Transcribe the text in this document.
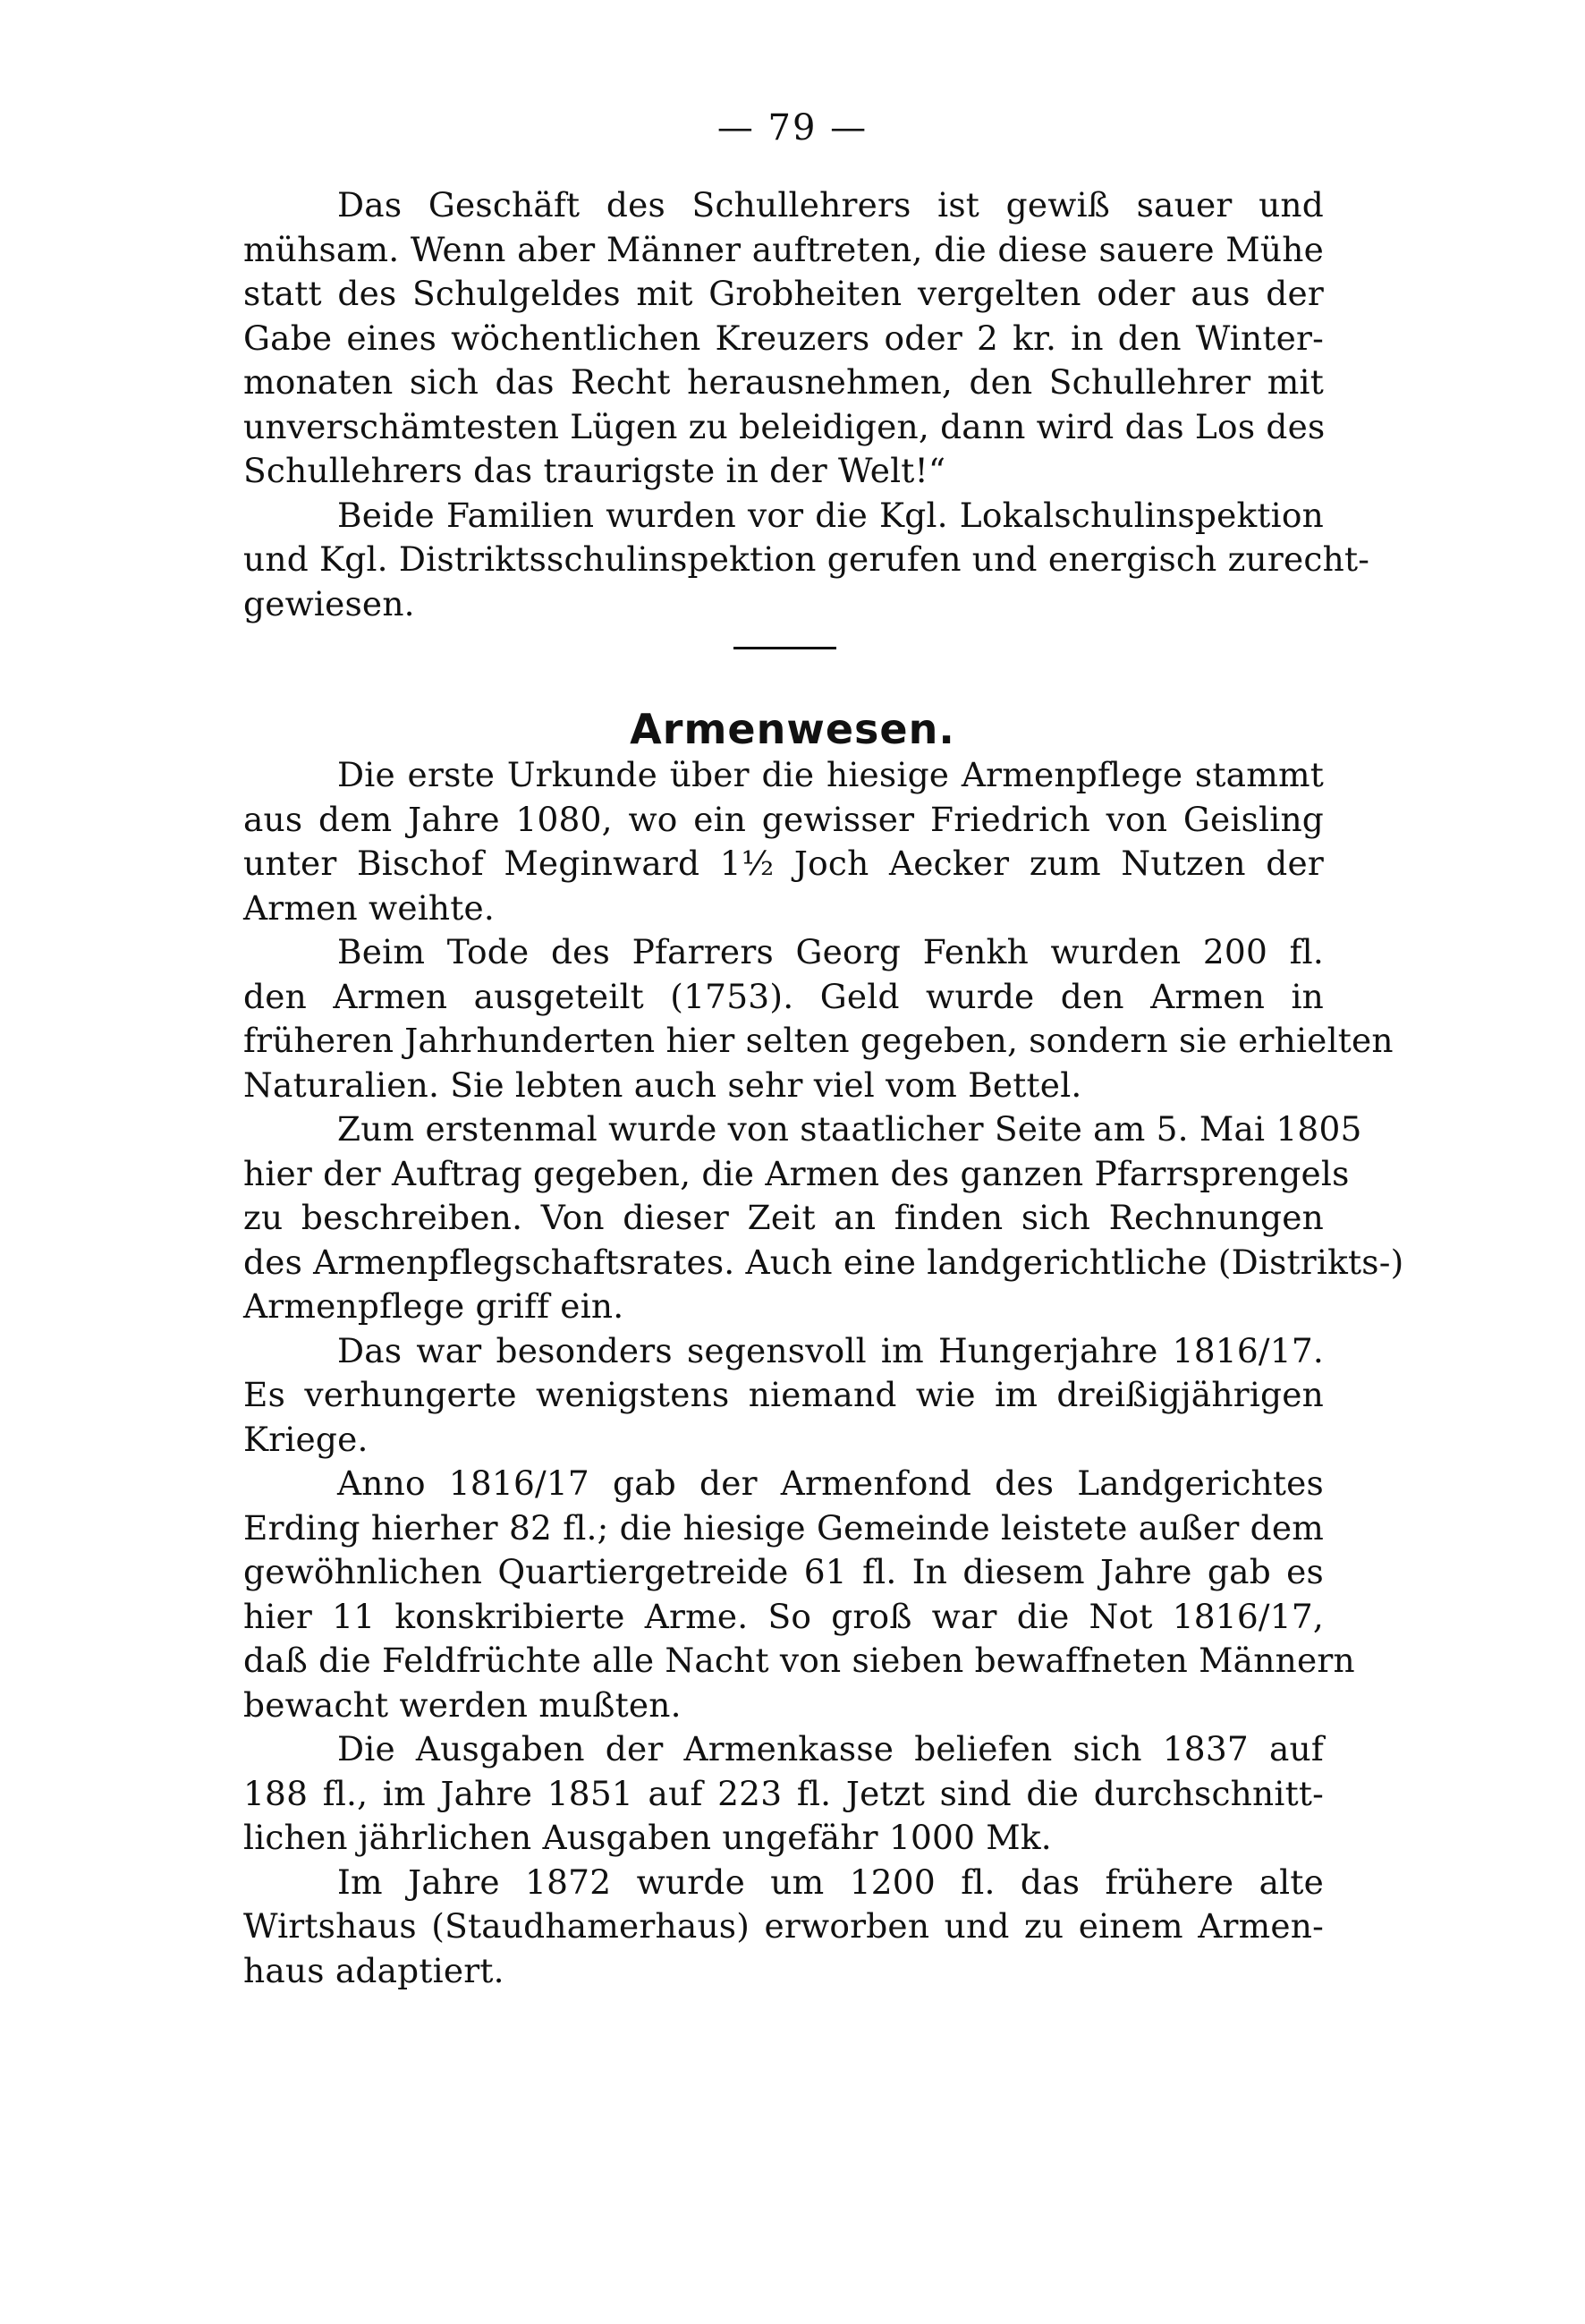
— 79 —

Das Geschäft des Schullehrers ist gewiß sauer und
mühsam. Wenn aber Männer auftreten, die diese sauere Mühe
statt des Schulgeldes mit Grobheiten vergelten oder aus der
Gabe eines wöchentlichen Kreuzers oder 2 kr. in den Winter-
monaten sich das Recht herausnehmen, den Schullehrer mit
unverschämtesten Lügen zu beleidigen, dann wird das Los des
Schullehrers das traurigste in der Welt!“

Beide Familien wurden vor die Kgl. Lokalschulinspektion
und Kgl. Distriktsschulinspektion gerufen und energisch zurecht-
gewiesen.

Armenwesen.

Die erste Urkunde über die hiesige Armenpflege stammt
aus dem Jahre 1080, wo ein gewisser Friedrich von Geisling
unter Bischof Meginward 1½ Joch Aecker zum Nutzen der
Armen weihte.

Beim Tode des Pfarrers Georg Fenkh wurden 200 fl.
den Armen ausgeteilt (1753). Geld wurde den Armen in
früheren Jahrhunderten hier selten gegeben, sondern sie erhielten
Naturalien. Sie lebten auch sehr viel vom Bettel.

Zum erstenmal wurde von staatlicher Seite am 5. Mai 1805
hier der Auftrag gegeben, die Armen des ganzen Pfarrsprengels
zu beschreiben. Von dieser Zeit an finden sich Rechnungen
des Armenpflegschaftsrates. Auch eine landgerichtliche (Distrikts-)
Armenpflege griff ein.

Das war besonders segensvoll im Hungerjahre 1816/17.
Es verhungerte wenigstens niemand wie im dreißigjährigen
Kriege.

Anno 1816/17 gab der Armenfond des Landgerichtes
Erding hierher 82 fl.; die hiesige Gemeinde leistete außer dem
gewöhnlichen Quartiergetreide 61 fl. In diesem Jahre gab es
hier 11 konskribierte Arme. So groß war die Not 1816/17,
daß die Feldfrüchte alle Nacht von sieben bewaffneten Männern
bewacht werden mußten.

Die Ausgaben der Armenkasse beliefen sich 1837 auf
188 fl., im Jahre 1851 auf 223 fl. Jetzt sind die durchschnitt-
lichen jährlichen Ausgaben ungefähr 1000 Mk.

Im Jahre 1872 wurde um 1200 fl. das frühere alte
Wirtshaus (Staudhamerhaus) erworben und zu einem Armen-
haus adaptiert.
